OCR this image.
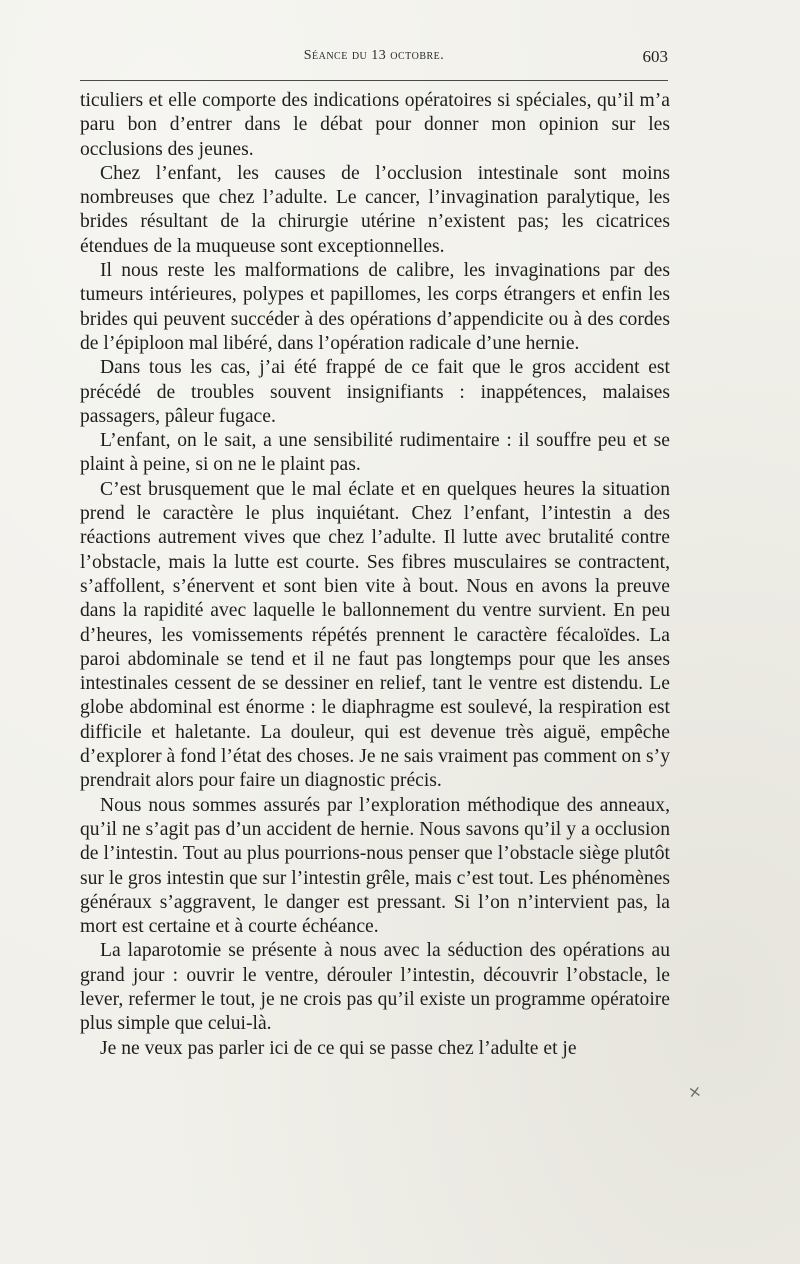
Séance du 13 octobre.	603

ticuliers et elle comporte des indications opératoires si spéciales, qu’il m’a paru bon d’entrer dans le débat pour donner mon opinion sur les occlusions des jeunes.

Chez l’enfant, les causes de l’occlusion intestinale sont moins nombreuses que chez l’adulte. Le cancer, l’invagination paralytique, les brides résultant de la chirurgie utérine n’existent pas; les cicatrices étendues de la muqueuse sont exceptionnelles.

Il nous reste les malformations de calibre, les invaginations par des tumeurs intérieures, polypes et papillomes, les corps étrangers et enfin les brides qui peuvent succéder à des opérations d’appendicite ou à des cordes de l’épiploon mal libéré, dans l’opération radicale d’une hernie.

Dans tous les cas, j’ai été frappé de ce fait que le gros accident est précédé de troubles souvent insignifiants : inappétences, malaises passagers, pâleur fugace.

L’enfant, on le sait, a une sensibilité rudimentaire : il souffre peu et se plaint à peine, si on ne le plaint pas.

C’est brusquement que le mal éclate et en quelques heures la situation prend le caractère le plus inquiétant. Chez l’enfant, l’intestin a des réactions autrement vives que chez l’adulte. Il lutte avec brutalité contre l’obstacle, mais la lutte est courte. Ses fibres musculaires se contractent, s’affollent, s’énervent et sont bien vite à bout. Nous en avons la preuve dans la rapidité avec laquelle le ballonnement du ventre survient. En peu d’heures, les vomissements répétés prennent le caractère fécaloïdes. La paroi abdominale se tend et il ne faut pas longtemps pour que les anses intestinales cessent de se dessiner en relief, tant le ventre est distendu. Le globe abdominal est énorme : le diaphragme est soulevé, la respiration est difficile et haletante. La douleur, qui est devenue très aiguë, empêche d’explorer à fond l’état des choses. Je ne sais vraiment pas comment on s’y prendrait alors pour faire un diagnostic précis.

Nous nous sommes assurés par l’exploration méthodique des anneaux, qu’il ne s’agit pas d’un accident de hernie. Nous savons qu’il y a occlusion de l’intestin. Tout au plus pourrions-nous penser que l’obstacle siège plutôt sur le gros intestin que sur l’intestin grêle, mais c’est tout. Les phénomènes généraux s’aggravent, le danger est pressant. Si l’on n’intervient pas, la mort est certaine et à courte échéance.

La laparotomie se présente à nous avec la séduction des opérations au grand jour : ouvrir le ventre, dérouler l’intestin, découvrir l’obstacle, le lever, refermer le tout, je ne crois pas qu’il existe un programme opératoire plus simple que celui-là.

Je ne veux pas parler ici de ce qui se passe chez l’adulte et je

×
